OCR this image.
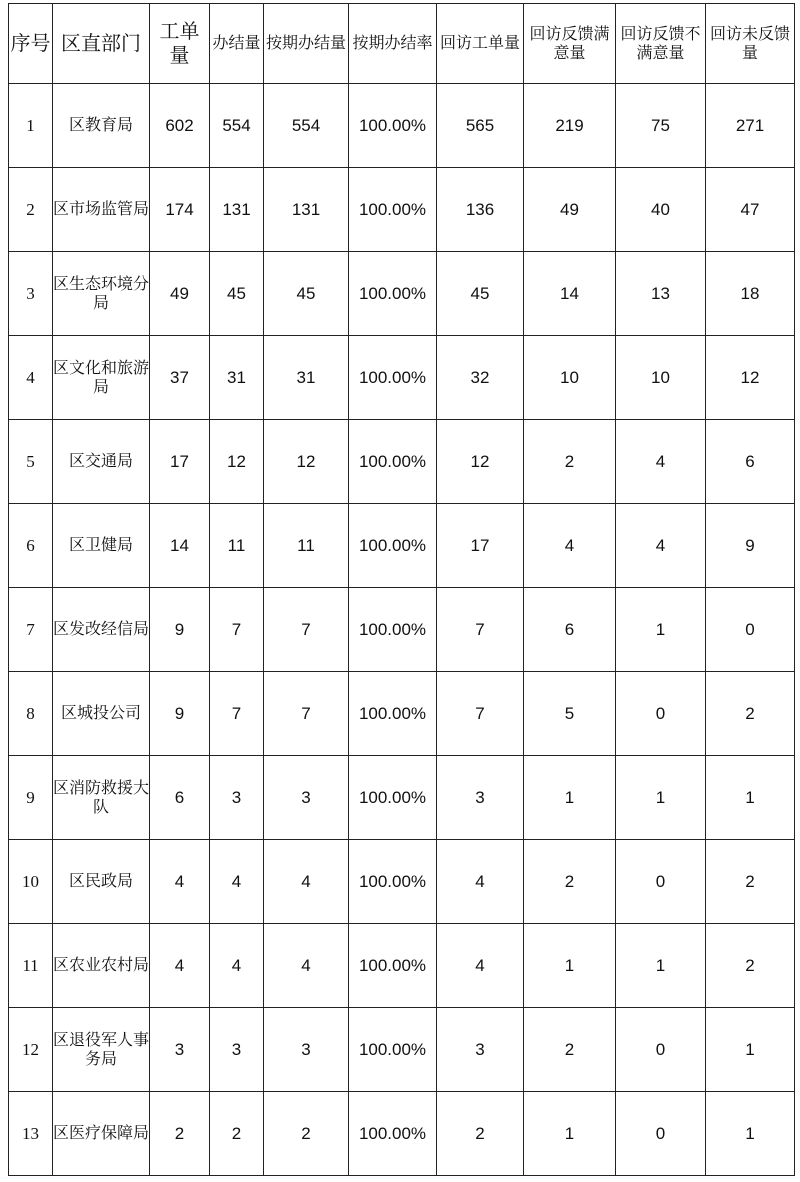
序号	区直部门	工单量	办结量	按期办结量	按期办结率	回访工单量	回访反馈满意量	回访反馈不满意量	回访未反馈量

1	区教育局	602	554	554	100.00%	565	219	75	271
2	区市场监管局	174	131	131	100.00%	136	49	40	47
3	区生态环境分局	49	45	45	100.00%	45	14	13	18
4	区文化和旅游局	37	31	31	100.00%	32	10	10	12
5	区交通局	17	12	12	100.00%	12	2	4	6
6	区卫健局	14	11	11	100.00%	17	4	4	9
7	区发改经信局	9	7	7	100.00%	7	6	1	0
8	区城投公司	9	7	7	100.00%	7	5	0	2
9	区消防救援大队	6	3	3	100.00%	3	1	1	1
10	区民政局	4	4	4	100.00%	4	2	0	2
11	区农业农村局	4	4	4	100.00%	4	1	1	2
12	区退役军人事务局	3	3	3	100.00%	3	2	0	1
13	区医疗保障局	2	2	2	100.00%	2	1	0	1
